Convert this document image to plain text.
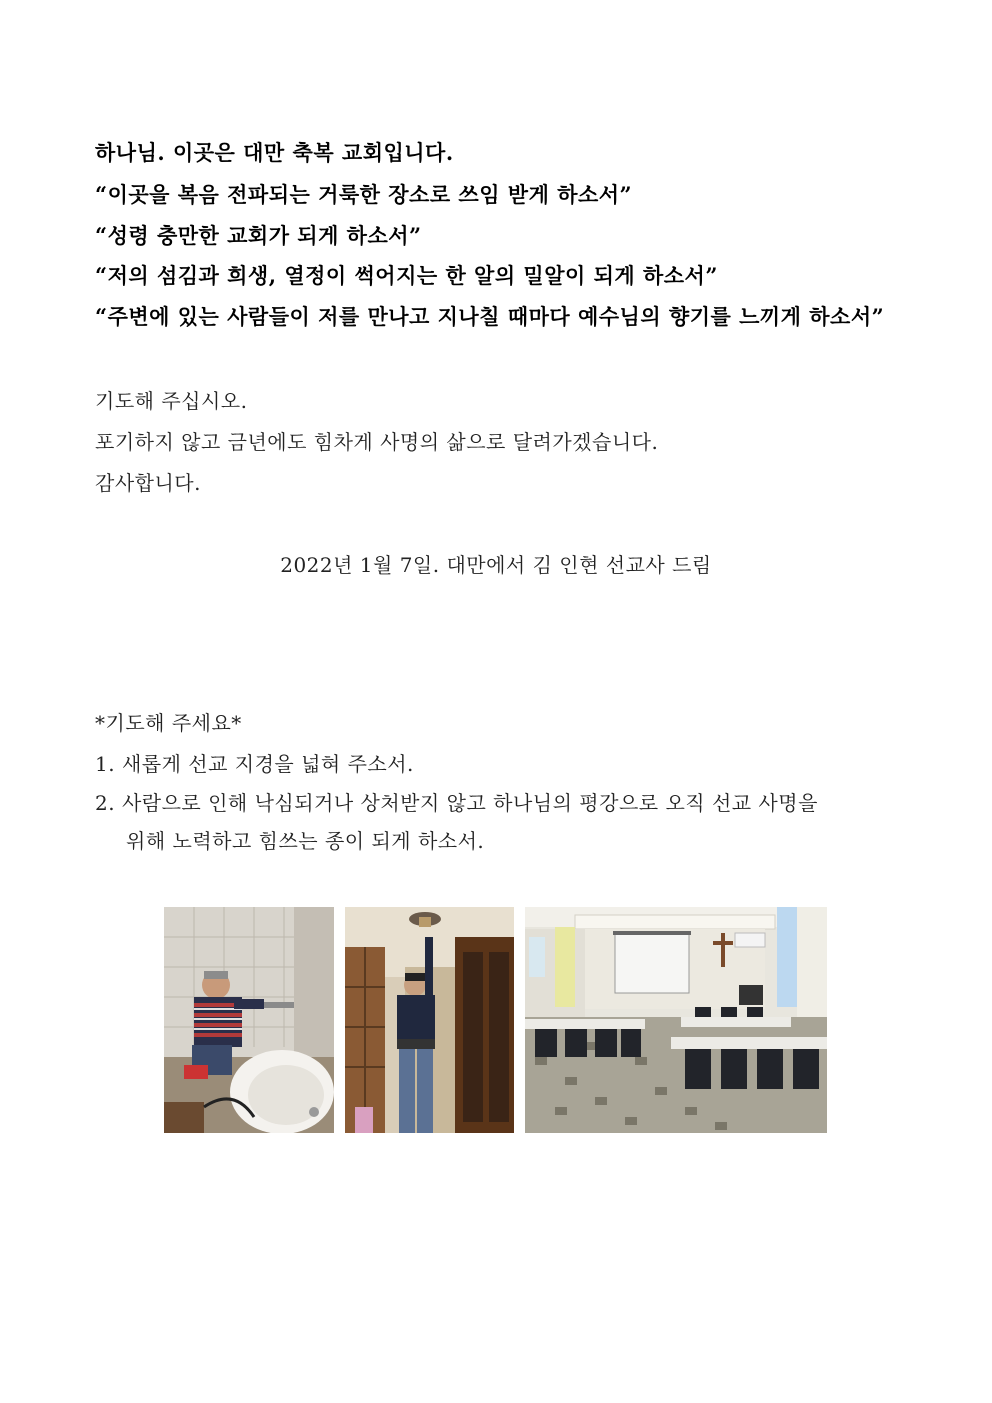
하나님. 이곳은 대만 축복 교회입니다.
“이곳을 복음 전파되는 거룩한 장소로 쓰임 받게 하소서”
“성령 충만한 교회가 되게 하소서”
“저의 섬김과 희생, 열정이 썩어지는 한 알의 밀알이 되게 하소서”
“주변에 있는 사람들이 저를 만나고 지나칠 때마다 예수님의 향기를 느끼게 하소서”
기도해 주십시오.
포기하지 않고 금년에도 힘차게 사명의 삶으로 달려가겠습니다.
감사합니다.
2022년 1월 7일. 대만에서 김 인현 선교사 드림
*기도해 주세요*
1. 새롭게 선교 지경을 넓혀 주소서.
2. 사람으로 인해 낙심되거나 상처받지 않고 하나님의 평강으로 오직 선교 사명을
위해 노력하고 힘쓰는 종이 되게 하소서.
